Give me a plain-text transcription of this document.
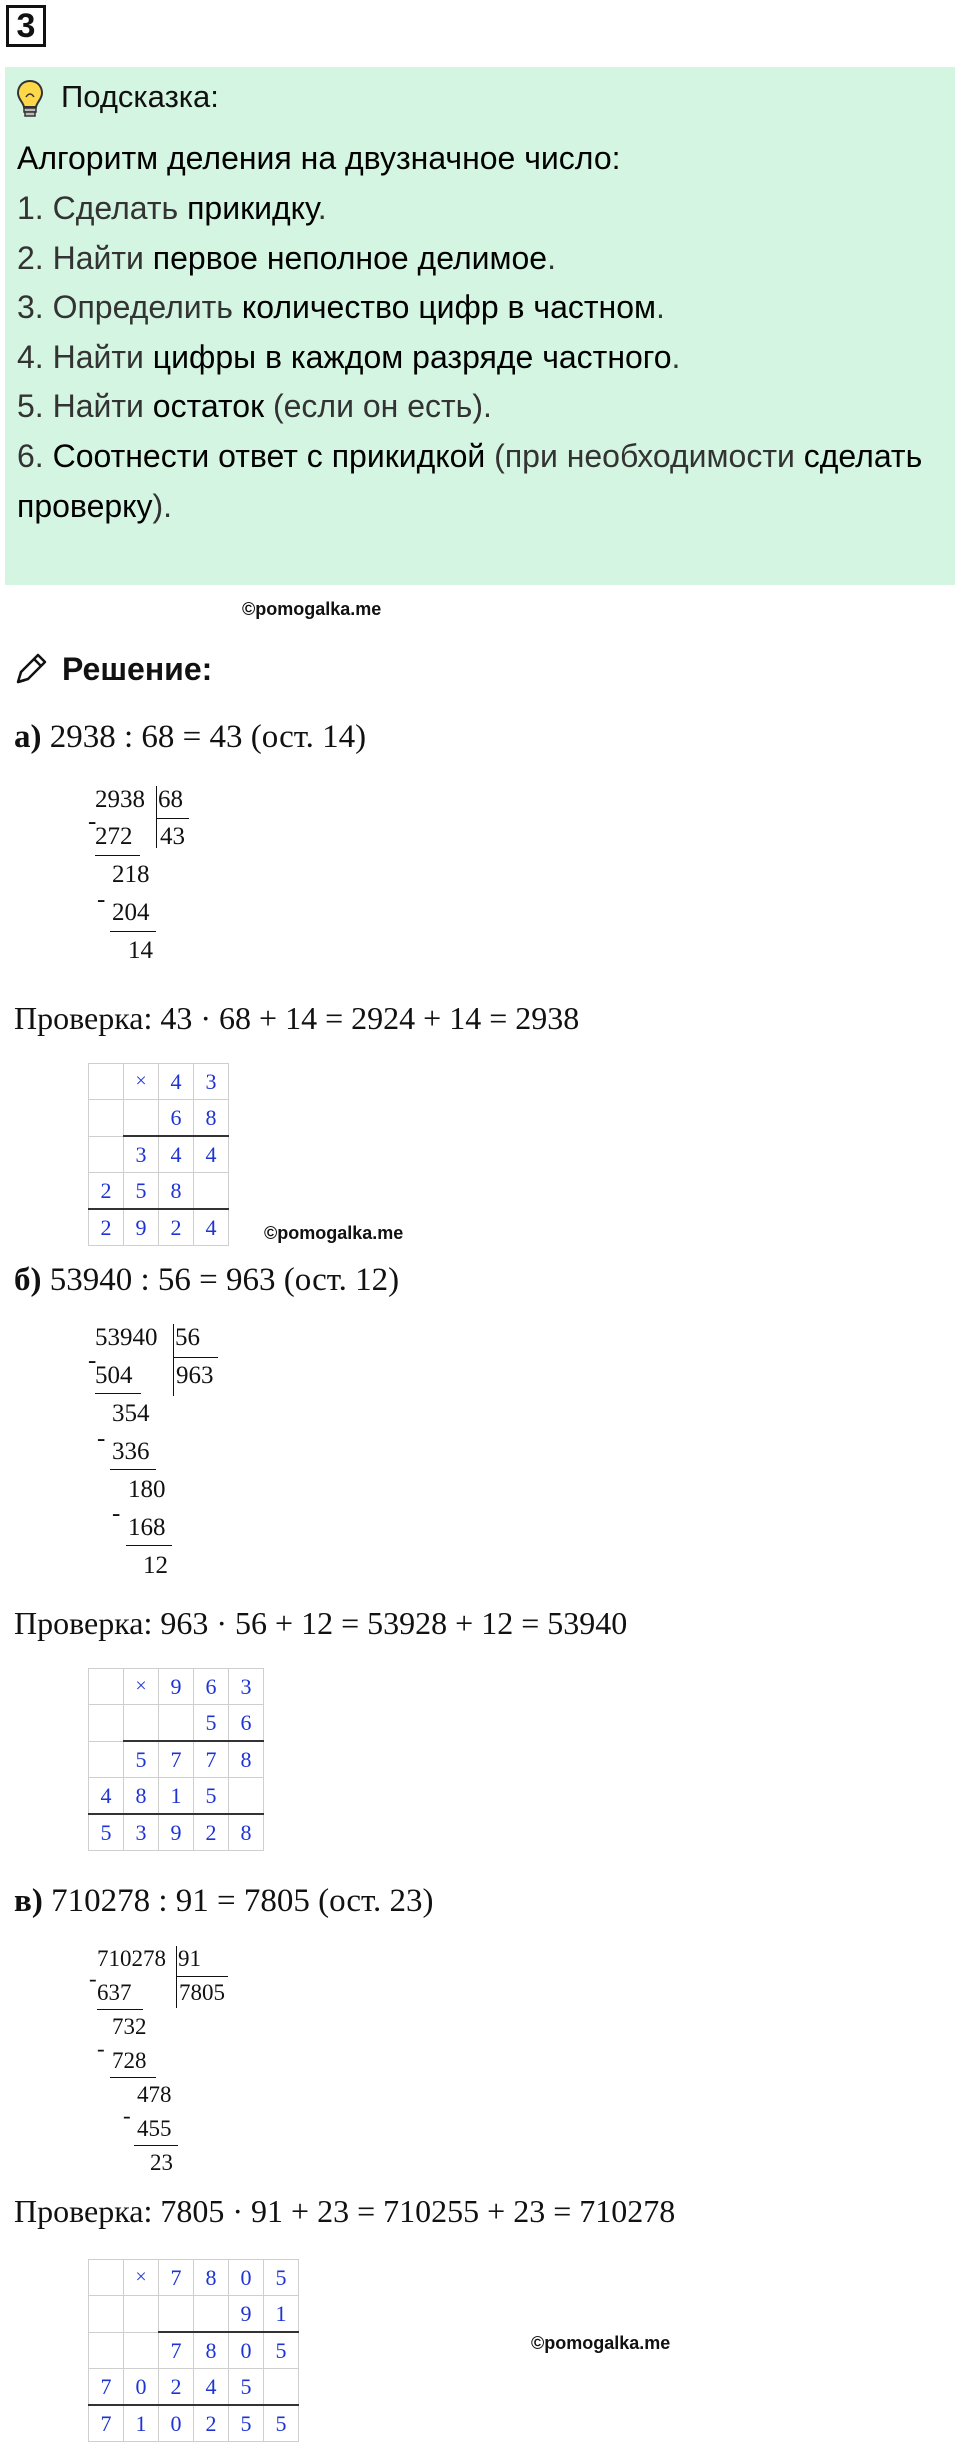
3
Подсказка:
Алгоритм деления на двузначное число:
1. Сделать прикидку.
2. Найти первое неполное делимое.
3. Определить количество цифр в частном.
4. Найти цифры в каждом разряде частного.
5. Найти остаток (если он есть).
6. Соотнести ответ с прикидкой (при необходимости сделать
проверку).
©pomogalka.me
Решение:
а) 2938 : 68 = 43 (ост. 14)
2938 68
43
-
272
218
- 204
14
Проверка: 43 · 68 + 14 = 2924 + 14 = 2938
	×	4	3
		6	8
	3	4	4
2	5	8	
2	9	2	4	©pomogalka.me
б) 53940 : 56 = 963 (ост. 12)
53940 56
963
-
504
354
- 336
180
-
168
12
Проверка: 963 · 56 + 12 = 53928 + 12 = 53940
	×	9	6	3
			5	6
	5	7	7	8
4	8	1	5	
5	3	9	2	8
в) 710278 : 91 = 7805 (ост. 23)
710278 91
7805
-
637
732
- 728
478
-
455
23
Проверка: 7805 · 91 + 23 = 710255 + 23 = 710278
	×	7	8	0	5
				9	1
		7	8	0	5
7	0	2	4	5	
7	1	0	2	5	5
©pomogalka.me
